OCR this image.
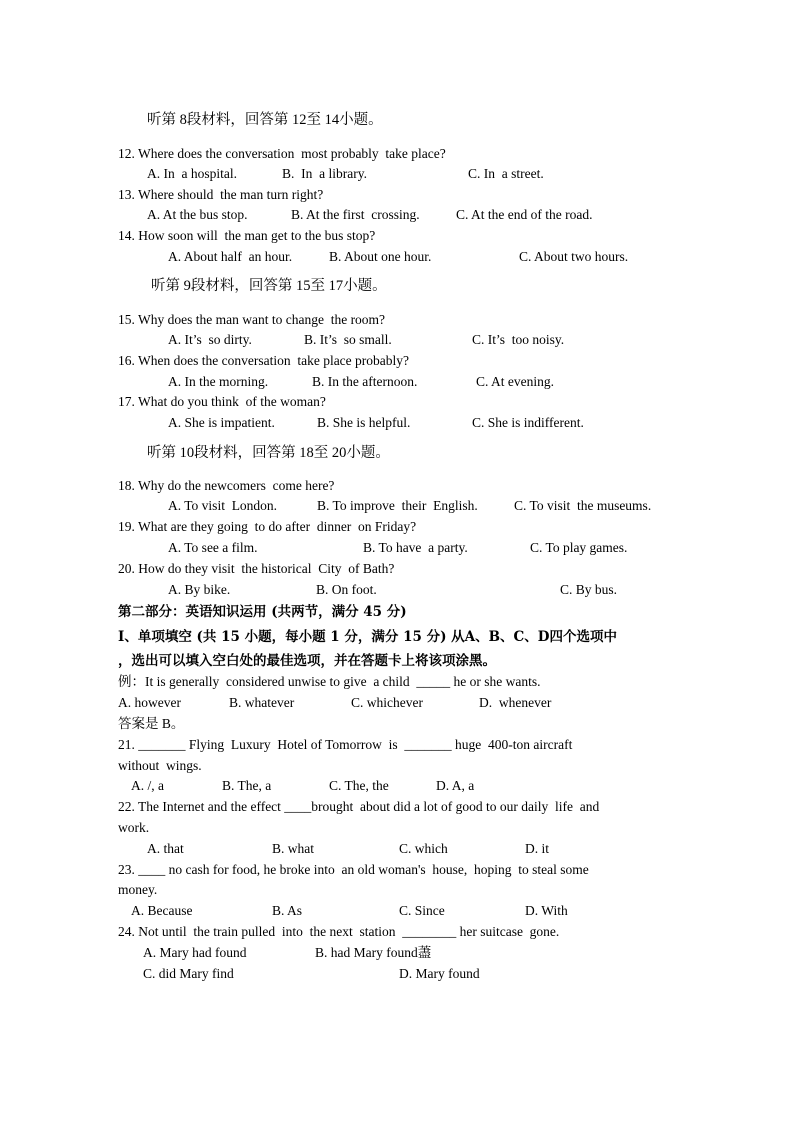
听第 8段材料，回答第 12至 14小题。
12. Where does the conversation  most probably  take place?
A. In  a hospital.	B.  In  a library.	C. In  a street.
13. Where should  the man turn right?
A. At the bus stop.	B. At the first  crossing.	C. At the end of the road.
14. How soon will  the man get to the bus stop?
A. About half  an hour.	B. About one hour.	C. About two hours.
听第 9段材料，回答第 15至 17小题。
15. Why does the man want to change  the room?
A. It’s  so dirty.	B. It’s  so small.	C. It’s  too noisy.
16. When does the conversation  take place probably?
A. In the morning.	B. In the afternoon.	C. At evening.
17. What do you think  of the woman?
A. She is impatient.	B. She is helpful.	C. She is indifferent.
听第 10段材料，回答第 18至 20小题。
18. Why do the newcomers  come here?
A. To visit  London.	B. To improve  their  English.	C. To visit  the museums.
19. What are they going  to do after  dinner  on Friday?
A. To see a film.	B. To have  a party.	C. To play games.
20. How do they visit  the historical  City  of Bath?
A. By bike.	B. On foot.	C. By bus.
第二部分：英语知识运用 (共两节，满分 45 分)
I、单项填空 (共 15 小题，每小题 1 分，满分 15 分) 从A、B、C、D四个选项中
，选出可以填入空白处的最佳选项，并在答题卡上将该项涂黑。
例：It is generally  considered unwise to give  a child  _____ he or she wants.
A. however	B. whatever	C. whichever	D.  whenever
答案是 B。
21. _______ Flying  Luxury  Hotel of Tomorrow  is  _______ huge  400-ton aircraft
without  wings.
A. /, a	B. The, a	C. The, the	D. A, a
22. The Internet and the effect ____brought  about did a lot of good to our daily  life  and
work.
A. that	B. what	C. which	D. it
23. ____ no cash for food, he broke into  an old woman's  house,  hoping  to steal some
money.
A. Because	B. As	C. Since	D. With
24. Not until  the train pulled  into  the next  station  ________ her suitcase  gone.
A. Mary had found	B. had Mary found藎
C. did Mary find	D. Mary found
